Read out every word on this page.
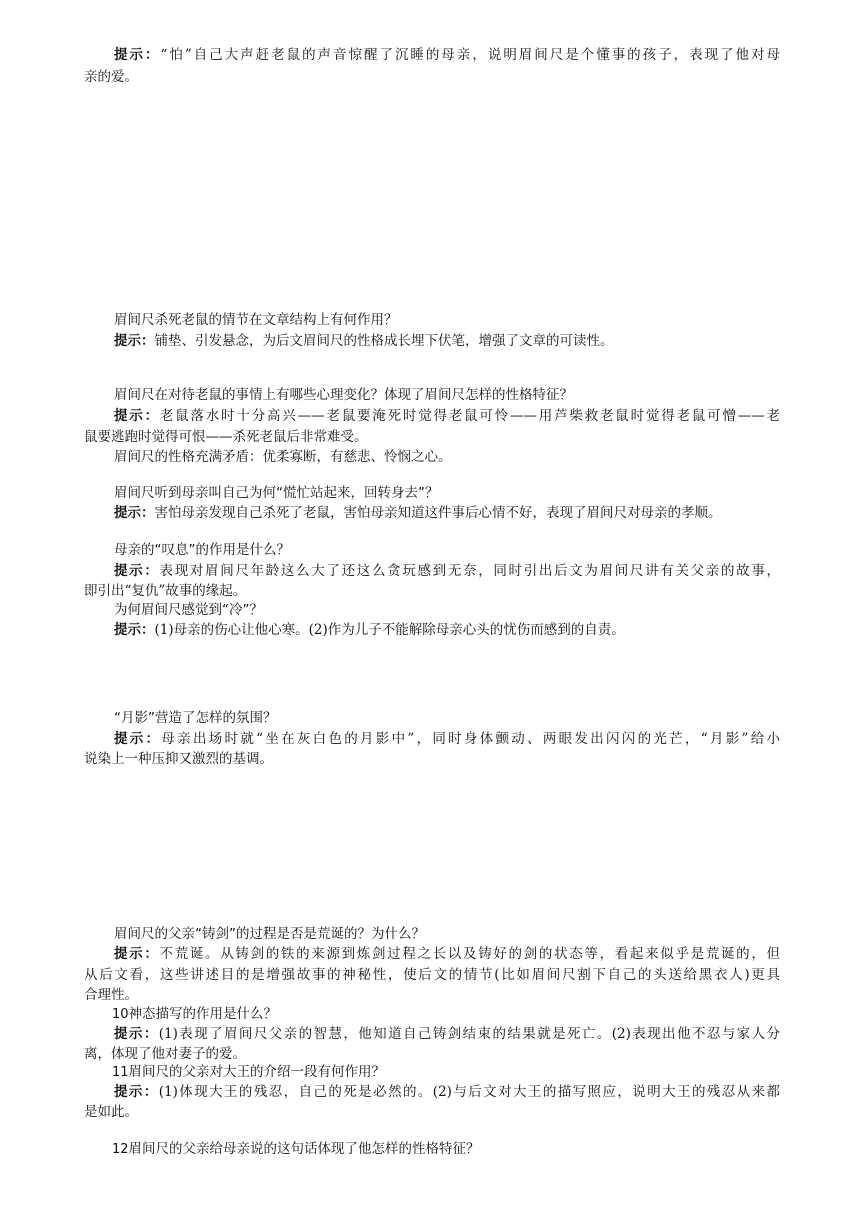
提示：“怕”自己大声赶老鼠的声音惊醒了沉睡的母亲，说明眉间尺是个懂事的孩子，表现了他对母
亲的爱。
眉间尺杀死老鼠的情节在文章结构上有何作用？
提示：铺垫、引发悬念，为后文眉间尺的性格成长埋下伏笔，增强了文章的可读性。
眉间尺在对待老鼠的事情上有哪些心理变化？体现了眉间尺怎样的性格特征？
提示：老鼠落水时十分高兴——老鼠要淹死时觉得老鼠可怜——用芦柴救老鼠时觉得老鼠可憎——老
鼠要逃跑时觉得可恨——杀死老鼠后非常难受。
眉间尺的性格充满矛盾：优柔寡断，有慈悲、怜悯之心。
眉间尺听到母亲叫自己为何“慌忙站起来，回转身去”？
提示：害怕母亲发现自己杀死了老鼠，害怕母亲知道这件事后心情不好，表现了眉间尺对母亲的孝顺。
母亲的“叹息”的作用是什么？
提示：表现对眉间尺年龄这么大了还这么贪玩感到无奈，同时引出后文为眉间尺讲有关父亲的故事，
即引出“复仇”故事的缘起。
为何眉间尺感觉到“冷”？
提示：(1)母亲的伤心让他心寒。(2)作为儿子不能解除母亲心头的忧伤而感到的自责。
“月影”营造了怎样的氛围？
提示：母亲出场时就“坐在灰白色的月影中”，同时身体颤动、两眼发出闪闪的光芒，“月影”给小
说染上一种压抑又激烈的基调。
眉间尺的父亲“铸剑”的过程是否是荒诞的？为什么？
提示：不荒诞。从铸剑的铁的来源到炼剑过程之长以及铸好的剑的状态等，看起来似乎是荒诞的，但
从后文看，这些讲述目的是增强故事的神秘性，使后文的情节(比如眉间尺割下自己的头送给黑衣人)更具
合理性。
10神态描写的作用是什么？
提示：(1)表现了眉间尺父亲的智慧，他知道自己铸剑结束的结果就是死亡。(2)表现出他不忍与家人分
离，体现了他对妻子的爱。
11眉间尺的父亲对大王的介绍一段有何作用？
提示：(1)体现大王的残忍，自己的死是必然的。(2)与后文对大王的描写照应，说明大王的残忍从来都
是如此。
12眉间尺的父亲给母亲说的这句话体现了他怎样的性格特征？
